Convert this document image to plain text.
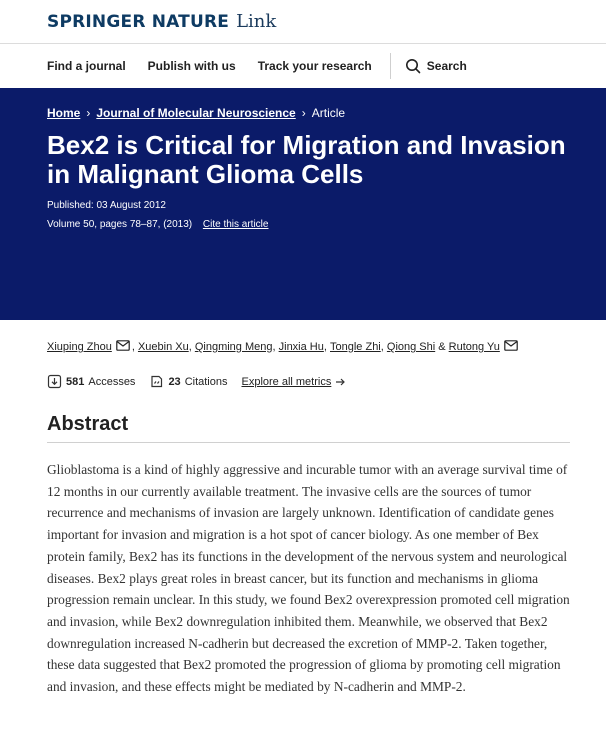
SPRINGER NATURE Link
Find a journal Publish with us Track your research	Search
Home › Journal of Molecular Neuroscience › Article
Bex2 is Critical for Migration and Invasion in Malignant Glioma Cells
Published: 03 August 2012
Volume 50, pages 78–87, (2013) Cite this article
Xiuping Zhou , Xuebin Xu , Qingming Meng , Jinxia Hu , Tongle Zhi , Qiong Shi & Rutong Yu
581 Accesses	23 Citations Explore all metrics
Abstract

Glioblastoma is a kind of highly aggressive and incurable tumor with an average survival time of 12 months in our currently available treatment. The invasive cells are the sources of tumor recurrence and mechanisms of invasion are largely unknown. Identification of candidate genes important for invasion and migration is a hot spot of cancer biology. As one member of Bex protein family, Bex2 has its functions in the development of the nervous system and neurological diseases. Bex2 plays great roles in breast cancer, but its function and mechanisms in glioma progression remain unclear. In this study, we found Bex2 overexpression promoted cell migration and invasion, while Bex2 downregulation inhibited them. Meanwhile, we observed that Bex2 downregulation increased N-cadherin but decreased the excretion of MMP-2. Taken together, these data suggested that Bex2 promoted the progression of glioma by promoting cell migration and invasion, and these effects might be mediated by N-cadherin and MMP-2.
